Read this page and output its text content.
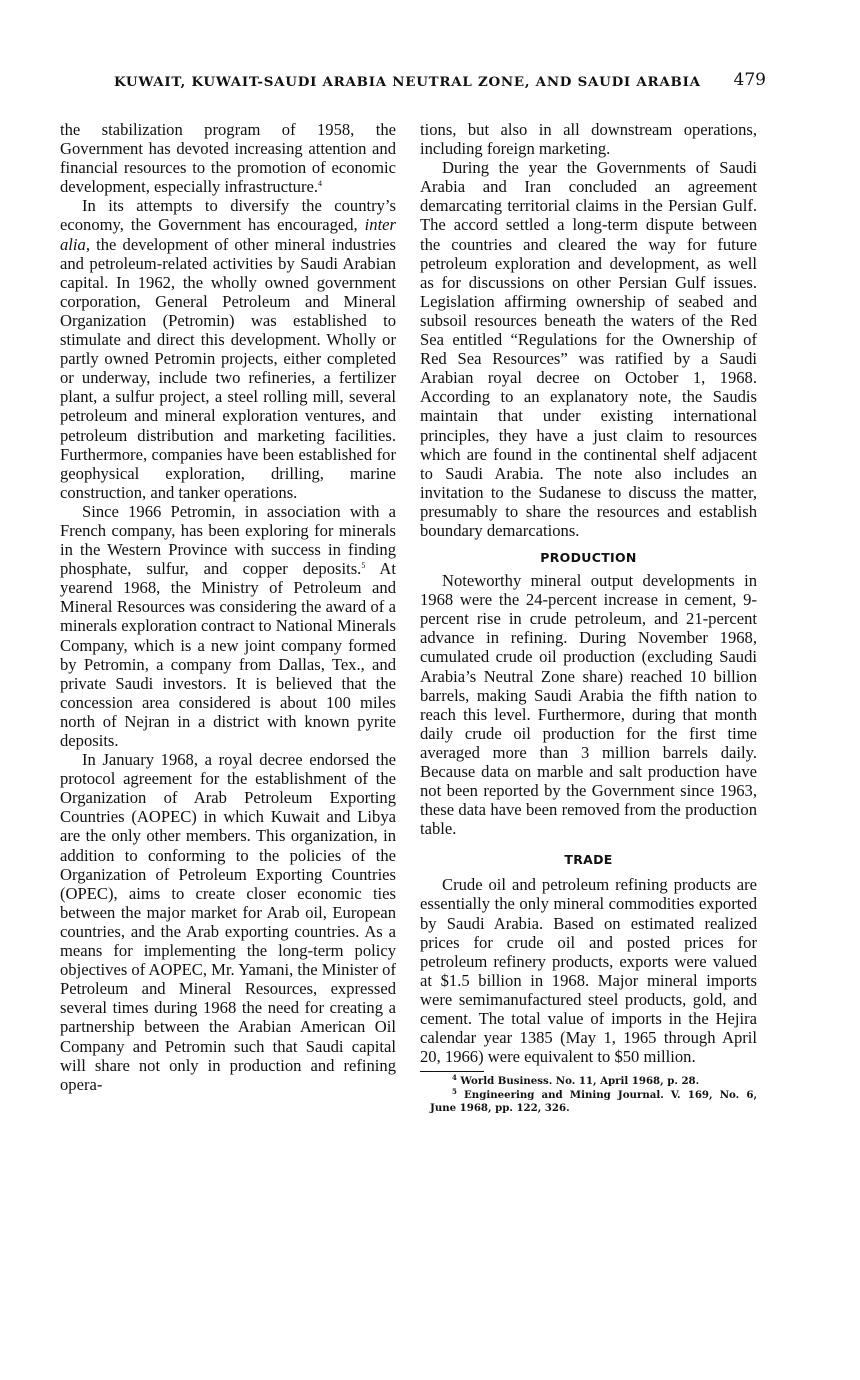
KUWAIT, KUWAIT-SAUDI ARABIA NEUTRAL ZONE, AND SAUDI ARABIA 479

the stabilization program of 1958, the Government has devoted increasing attention and financial resources to the promotion of economic development, especially infrastructure.$^4$

In its attempts to diversify the country’s economy, the Government has encouraged, inter alia, the development of other mineral industries and petroleum-related activities by Saudi Arabian capital. In 1962, the wholly owned government corporation, General Petroleum and Mineral Organization (Petromin) was established to stimulate and direct this development. Wholly or partly owned Petromin projects, either completed or underway, include two refineries, a fertilizer plant, a sulfur project, a steel rolling mill, several petroleum and mineral exploration ventures, and petroleum distribution and marketing facilities. Furthermore, companies have been established for geophysical exploration, drilling, marine construction, and tanker operations.

Since 1966 Petromin, in association with a French company, has been exploring for minerals in the Western Province with success in finding phosphate, sulfur, and copper deposits.$^5$ At yearend 1968, the Ministry of Petroleum and Mineral Resources was considering the award of a minerals exploration contract to National Minerals Company, which is a new joint company formed by Petromin, a company from Dallas, Tex., and private Saudi investors. It is believed that the concession area considered is about 100 miles north of Nejran in a district with known pyrite deposits.

In January 1968, a royal decree endorsed the protocol agreement for the establishment of the Organization of Arab Petroleum Exporting Countries (AOPEC) in which Kuwait and Libya are the only other members. This organization, in addition to conforming to the policies of the Organization of Petroleum Exporting Countries (OPEC), aims to create closer economic ties between the major market for Arab oil, European countries, and the Arab exporting countries. As a means for implementing the long-term policy objectives of AOPEC, Mr. Yamani, the Minister of Petroleum and Mineral Resources, expressed several times during 1968 the need for creating a partnership between the Arabian American Oil Company and Petromin such that Saudi capital will share not only in production and refining opera-

tions, but also in all downstream operations, including foreign marketing.

During the year the Governments of Saudi Arabia and Iran concluded an agreement demarcating territorial claims in the Persian Gulf. The accord settled a long-term dispute between the countries and cleared the way for future petroleum exploration and development, as well as for discussions on other Persian Gulf issues. Legislation affirming ownership of seabed and subsoil resources beneath the waters of the Red Sea entitled “Regulations for the Ownership of Red Sea Resources” was ratified by a Saudi Arabian royal decree on October 1, 1968. According to an explanatory note, the Saudis maintain that under existing international principles, they have a just claim to resources which are found in the continental shelf adjacent to Saudi Arabia. The note also includes an invitation to the Sudanese to discuss the matter, presumably to share the resources and establish boundary demarcations.

PRODUCTION

Noteworthy mineral output developments in 1968 were the 24-percent increase in cement, 9-percent rise in crude petroleum, and 21-percent advance in refining. During November 1968, cumulated crude oil production (excluding Saudi Arabia’s Neutral Zone share) reached 10 billion barrels, making Saudi Arabia the fifth nation to reach this level. Furthermore, during that month daily crude oil production for the first time averaged more than 3 million barrels daily. Because data on marble and salt production have not been reported by the Government since 1963, these data have been removed from the production table.

TRADE

Crude oil and petroleum refining products are essentially the only mineral commodities exported by Saudi Arabia. Based on estimated realized prices for crude oil and posted prices for petroleum refinery products, exports were valued at $1.5 billion in 1968. Major mineral imports were semimanufactured steel products, gold, and cement. The total value of imports in the Hejira calendar year 1385 (May 1, 1965 through April 20, 1966) were equivalent to $50 million.

$^4$ World Business. No. 11, April 1968, p. 28.

$^5$ Engineering and Mining Journal. V. 169, No. 6, June 1968, pp. 122, 326.
